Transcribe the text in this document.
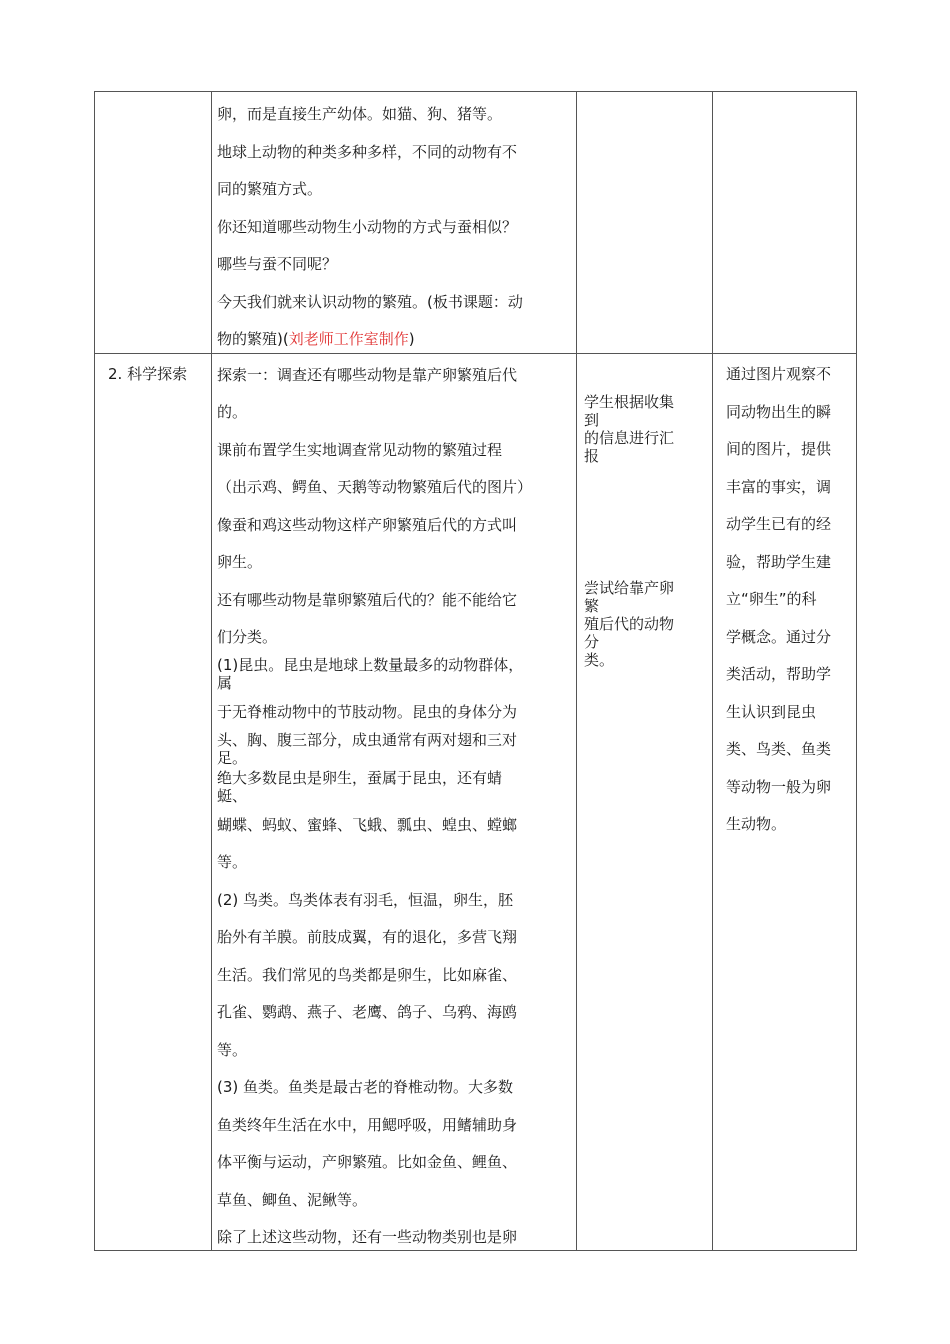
卵，而是直接生产幼体。如猫、狗、猪等。

地球上动物的种类多种多样，不同的动物有不

同的繁殖方式。

你还知道哪些动物生小动物的方式与蚕相似？

哪些与蚕不同呢？

今天我们就来认识动物的繁殖。(板书课题：动

物的繁殖)(刘老师工作室制作)

2. 科学探索 探索一：调查还有哪些动物是靠产卵繁殖后代
的。
课前布置学生实地调查常见动物的繁殖过程
（出示鸡、鳄鱼、天鹅等动物繁殖后代的图片）
像蚕和鸡这些动物这样产卵繁殖后代的方式叫
卵生。
还有哪些动物是靠卵繁殖后代的？能不能给它
们分类。
(1)昆虫。昆虫是地球上数量最多的动物群体，
属
于无脊椎动物中的节肢动物。昆虫的身体分为
头、胸、腹三部分，成虫通常有两对翅和三对
足。
绝大多数昆虫是卵生，蚕属于昆虫，还有蜻
蜓、
蝴蝶、蚂蚁、蜜蜂、飞蛾、瓢虫、蝗虫、螳螂
等。
(2) 鸟类。鸟类体表有羽毛，恒温，卵生，胚
胎外有羊膜。前肢成翼，有的退化，多营飞翔
生活。我们常见的鸟类都是卵生，比如麻雀、
孔雀、鹦鹉、燕子、老鹰、鸽子、乌鸦、海鸥
等。
(3) 鱼类。鱼类是最古老的脊椎动物。大多数
鱼类终年生活在水中，用鳃呼吸，用鳍辅助身
体平衡与运动，产卵繁殖。比如金鱼、鲤鱼、
草鱼、鲫鱼、泥鳅等。
除了上述这些动物，还有一些动物类别也是卵

学生根据收集

到

的信息进行汇

报

尝试给靠产卵

繁

殖后代的动物

分

类。

通过图片观察不

同动物出生的瞬

间的图片，提供

丰富的事实，调

动学生已有的经

验，帮助学生建

立“卵生”的科

学概念。通过分

类活动，帮助学

生认识到昆虫

类、鸟类、鱼类

等动物一般为卵

生动物。
